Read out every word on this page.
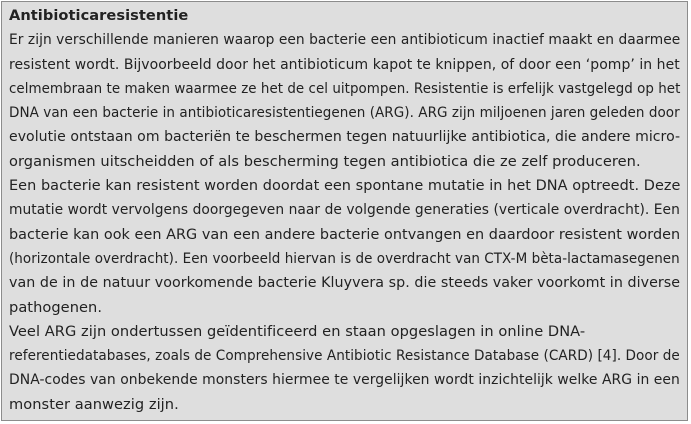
Antibioticaresistentie
Er zijn verschillende manieren waarop een bacterie een antibioticum inactief maakt en daarmee
resistent wordt. Bijvoorbeeld door het antibioticum kapot te knippen, of door een ‘pomp’ in het
celmembraan te maken waarmee ze het de cel uitpompen. Resistentie is erfelijk vastgelegd op het
DNA van een bacterie in antibioticaresistentiegenen (ARG). ARG zijn miljoenen jaren geleden door
evolutie ontstaan om bacteriën te beschermen tegen natuurlijke antibiotica, die andere micro-
organismen uitscheidden of als bescherming tegen antibiotica die ze zelf produceren.
Een bacterie kan resistent worden doordat een spontane mutatie in het DNA optreedt. Deze
mutatie wordt vervolgens doorgegeven naar de volgende generaties (verticale overdracht). Een
bacterie kan ook een ARG van een andere bacterie ontvangen en daardoor resistent worden
(horizontale overdracht). Een voorbeeld hiervan is de overdracht van CTX-M bèta-lactamasegenen
van de in de natuur voorkomende bacterie Kluyvera sp. die steeds vaker voorkomt in diverse
pathogenen.
Veel ARG zijn ondertussen geïdentificeerd en staan opgeslagen in online DNA-
referentiedatabases, zoals de Comprehensive Antibiotic Resistance Database (CARD) [4]. Door de
DNA-codes van onbekende monsters hiermee te vergelijken wordt inzichtelijk welke ARG in een
monster aanwezig zijn.
